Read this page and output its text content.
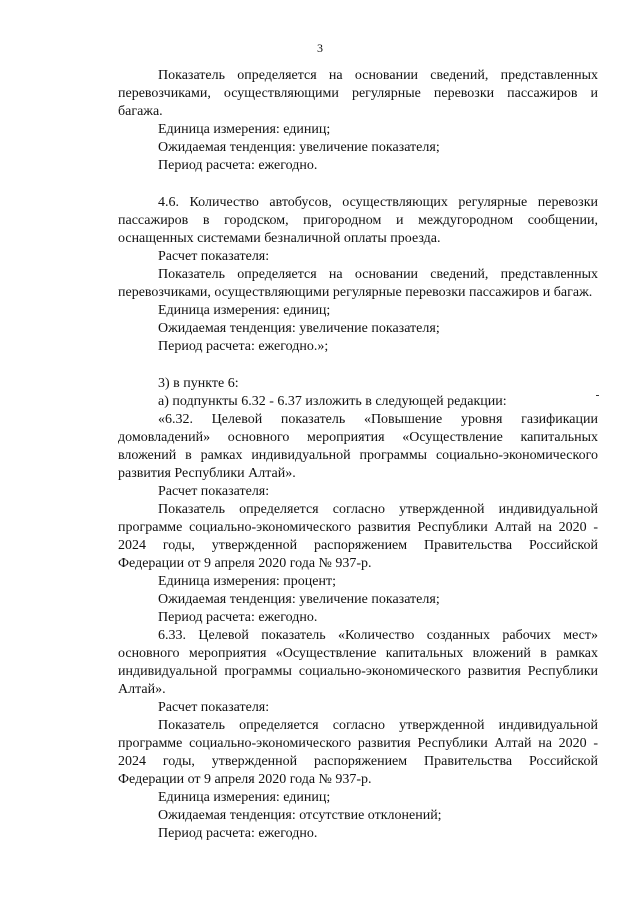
3

Показатель определяется на основании сведений, представленных перевозчиками, осуществляющими регулярные перевозки пассажиров и багажа.

Единица измерения: единиц;

Ожидаемая тенденция: увеличение показателя;

Период расчета: ежегодно.

4.6. Количество автобусов, осуществляющих регулярные перевозки пассажиров в городском, пригородном и междугородном сообщении, оснащенных системами безналичной оплаты проезда.

Расчет показателя:

Показатель определяется на основании сведений, представленных перевозчиками, осуществляющими регулярные перевозки пассажиров и багаж.

Единица измерения: единиц;

Ожидаемая тенденция: увеличение показателя;

Период расчета: ежегодно.»;

3) в пункте 6:

а) подпункты 6.32 - 6.37 изложить в следующей редакции:

«6.32. Целевой показатель «Повышение уровня газификации домовладений» основного мероприятия «Осуществление капитальных вложений в рамках индивидуальной программы социально-экономического развития Республики Алтай».

Расчет показателя:

Показатель определяется согласно утвержденной индивидуальной программе социально-экономического развития Республики Алтай на 2020 - 2024 годы, утвержденной распоряжением Правительства Российской Федерации от 9 апреля 2020 года № 937-р.

Единица измерения: процент;

Ожидаемая тенденция: увеличение показателя;

Период расчета: ежегодно.

6.33. Целевой показатель «Количество созданных рабочих мест» основного мероприятия «Осуществление капитальных вложений в рамках индивидуальной программы социально-экономического развития Республики Алтай».

Расчет показателя:

Показатель определяется согласно утвержденной индивидуальной программе социально-экономического развития Республики Алтай на 2020 - 2024 годы, утвержденной распоряжением Правительства Российской Федерации от 9 апреля 2020 года № 937-р.

Единица измерения: единиц;

Ожидаемая тенденция: отсутствие отклонений;

Период расчета: ежегодно.
